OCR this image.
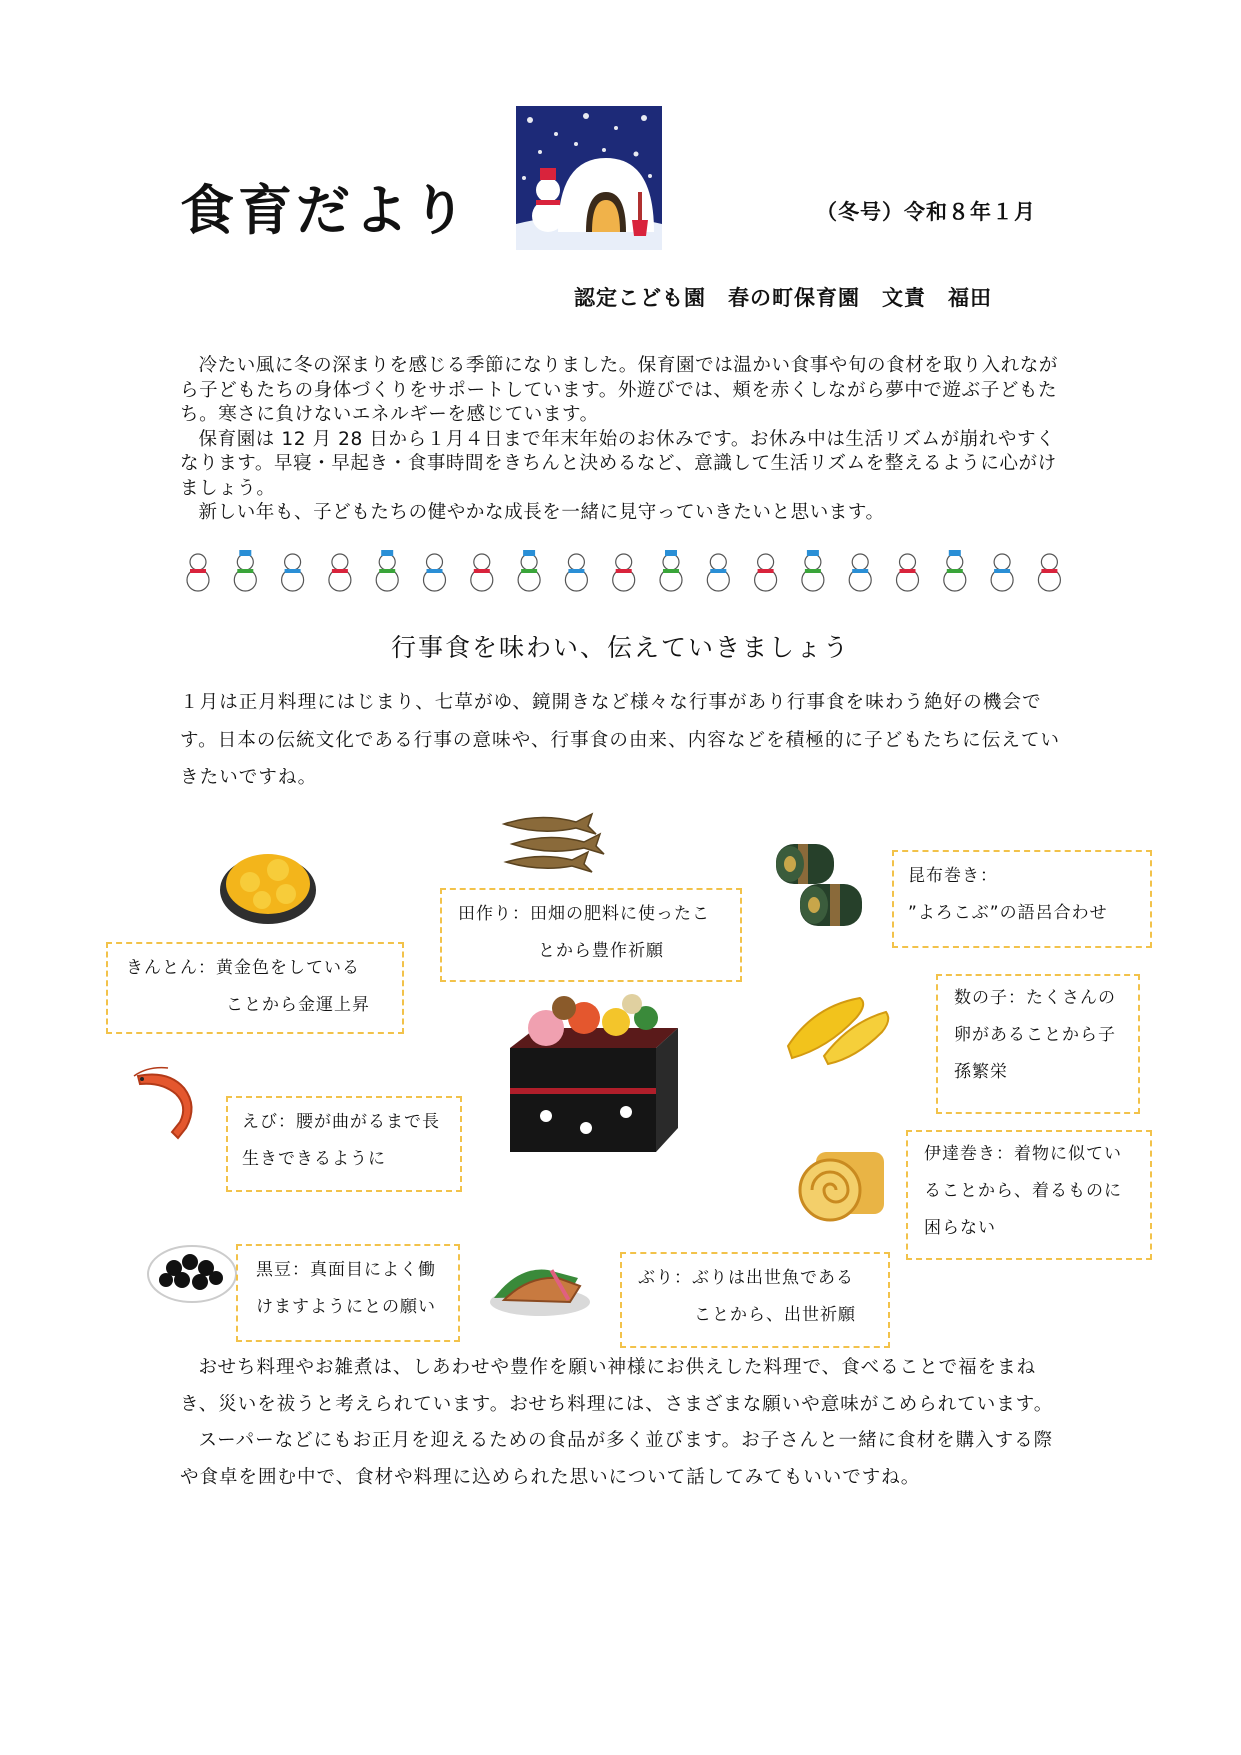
食育だより	（冬号）令和８年１月
認定こども園　春の町保育園　文責　福田

冷たい風に冬の深まりを感じる季節になりました。保育園では温かい食事や旬の食材を取り入れながら子どもたちの身体づくりをサポートしています。外遊びでは、頬を赤くしながら夢中で遊ぶ子どもたち。寒さに負けないエネルギーを感じています。

保育園は 12 月 28 日から１月４日まで年末年始のお休みです。お休み中は生活リズムが崩れやすくなります。早寝・早起き・食事時間をきちんと決めるなど、意識して生活リズムを整えるように心がけましょう。

新しい年も、子どもたちの健やかな成長を一緒に見守っていきたいと思います。

行事食を味わい、伝えていきましょう

１月は正月料理にはじまり、七草がゆ、鏡開きなど様々な行事があり行事食を味わう絶好の機会です。日本の伝統文化である行事の意味や、行事食の由来、内容などを積極的に子どもたちに伝えていきたいですね。

きんとん：黄金色をしている
ことから金運上昇
田作り：田畑の肥料に使ったこ
とから豊作祈願
昆布巻き：
”よろこぶ”の語呂合わせ
数の子：たくさんの
卵があることから子
孫繁栄
えび：腰が曲がるまで長
生きできるように	伊達巻き：着物に似てい
ることから、着るものに
困らない
黒豆：真面目によく働
けますようにとの願い
ぶり：ぶりは出世魚である
ことから、出世祈願

おせち料理やお雑煮は、しあわせや豊作を願い神様にお供えした料理で、食べることで福をまねき、災いを祓うと考えられています。おせち料理には、さまざまな願いや意味がこめられています。

スーパーなどにもお正月を迎えるための食品が多く並びます。お子さんと一緒に食材を購入する際や食卓を囲む中で、食材や料理に込められた思いについて話してみてもいいですね。
